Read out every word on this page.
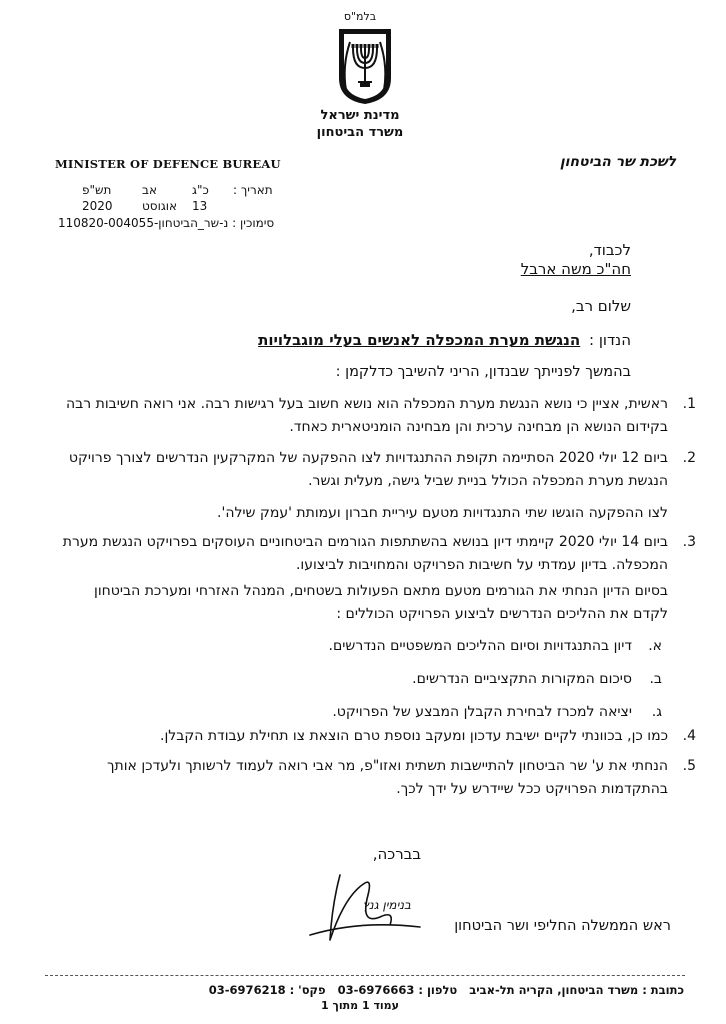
בלמ"ס
מדינת ישראל
משרד הביטחון
MINISTER OF DEFENCE BUREAU	לשכת שר הביטחון
תאריך :
כ"ג
אב
תש"פ
13
אוגוסט
2020
נ-שר_הביטחון-110820-004055 סימוכין :
לכבוד,
חה"כ משה ארבל
שלום רב,
הנדון : הנגשת מערת המכפלה לאנשים בעלי מוגבלויות
בהמשך לפנייתך שבנדון, הריני להשיבך כדלקמן :
1.
ראשית, אציין כי נושא הנגשת מערת המכפלה הוא נושא חשוב בעל רגישות רבה. אני רואה חשיבות רבה בקידום הנושא הן מבחינה ערכית והן מבחינה הומניטארית כאחד.
2.
ביום 12 יולי 2020 הסתיימה תקופת ההתנגדויות לצו ההפקעה של המקרקעין הנדרשים לצורך פרויקט הנגשת מערת המכפלה הכולל בניית שביל גישה, מעלית וגשר.
לצו ההפקעה הוגשו שתי התנגדויות מטעם עיריית חברון ועמותת 'עמק שילה'.
3.
ביום 14 יולי 2020 קיימתי דיון בנושא בהשתתפות הגורמים הביטחוניים העוסקים בפרויקט הנגשת מערת המכפלה. בדיון עמדתי על חשיבות הפרויקט והמחויבות לביצועו.
בסיום הדיון הנחתי את הגורמים מטעם מתאם הפעולות בשטחים, המנהל האזרחי ומערכת הביטחון לקדם את ההליכים הנדרשים לביצוע הפרויקט הכוללים :
א.
דיון בהתנגדויות וסיום ההליכים המשפטיים הנדרשים.
ב.
סיכום המקורות התקציביים הנדרשים.
ג.
יציאה למכרז לבחירת הקבלן המבצע של הפרויקט.
4.
כמו כן, בכוונתי לקיים ישיבת עדכון ומעקב נוספת טרם הוצאת צו תחילת עבודת הקבלן.
5.
הנחתי את ע' שר הביטחון להתיישבות תשתית ואזו"פ, מר אבי רואה לעמוד לרשותך ולעדכן אותך בהתקדמות הפרויקט ככל שיידרש על ידך לכך.
בברכה,
בנימין גנץ
ראש הממשלה החליפי ושר הביטחון
כתובת : משרד הביטחון, הקריה תל-אביב טלפון : 03-6976663 פקס' : 03-6976218
עמוד 1 מתוך 1
